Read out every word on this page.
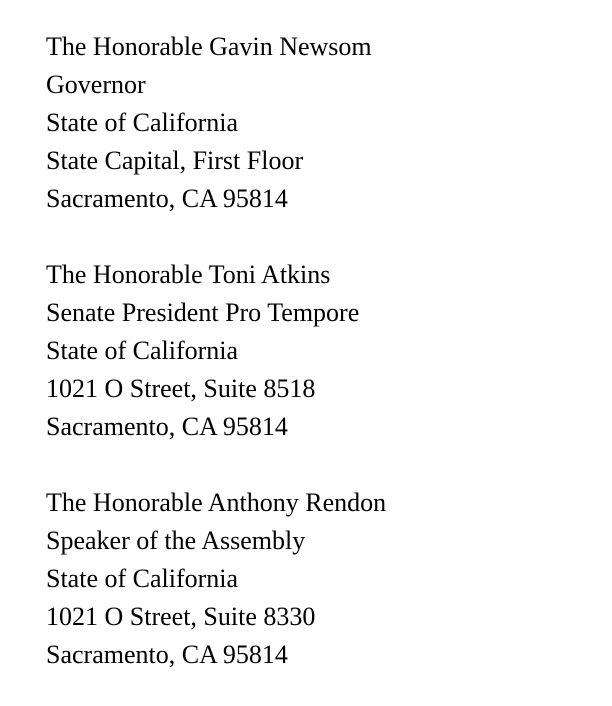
The Honorable Gavin Newsom
Governor
State of California
State Capital, First Floor
Sacramento, CA 95814
The Honorable Toni Atkins
Senate President Pro Tempore
State of California
1021 O Street, Suite 8518
Sacramento, CA 95814
The Honorable Anthony Rendon
Speaker of the Assembly
State of California
1021 O Street, Suite 8330
Sacramento, CA 95814
